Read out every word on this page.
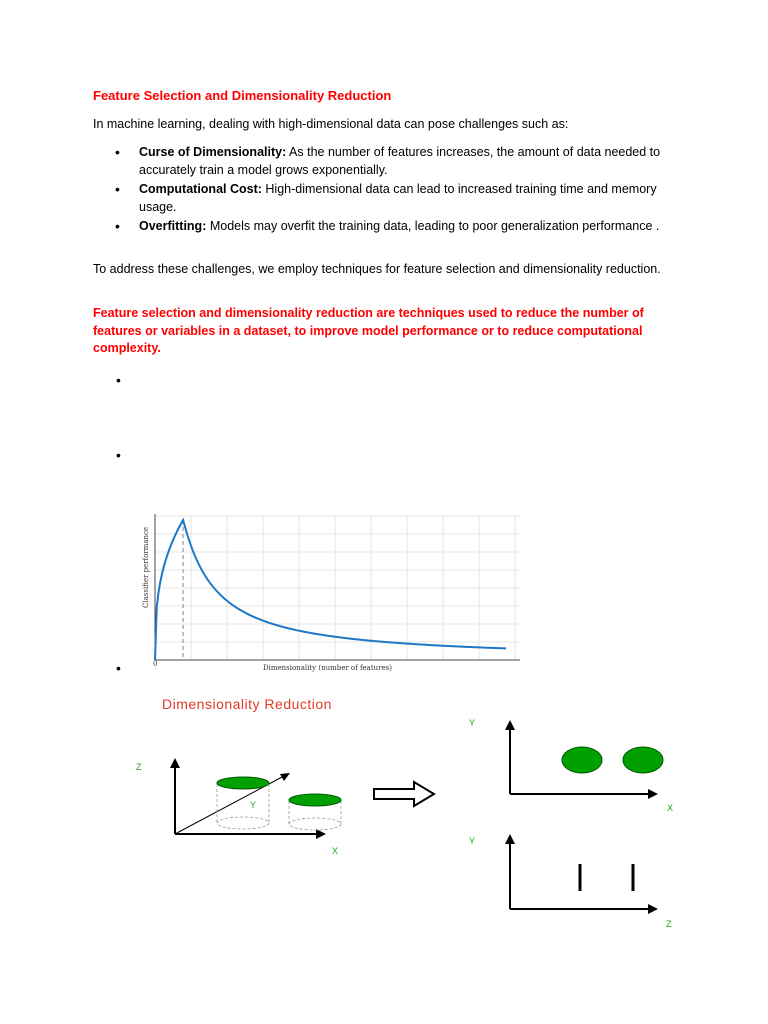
Feature Selection and Dimensionality Reduction

In machine learning, dealing with high-dimensional data can pose challenges such as:

• Curse of Dimensionality: As the number of features increases, the amount of data needed to accurately train a model grows exponentially.
• Computational Cost: High-dimensional data can lead to increased training time and memory usage.
• Overfitting: Models may overfit the training data, leading to poor generalization performance .

To address these challenges, we employ techniques for feature selection and dimensionality reduction.

Feature selection and dimensionality reduction are techniques used to reduce the number of features or variables in a dataset, to improve model performance or to reduce computational complexity.

•
•
•
Classifier performance
Dimensionality (number of features)
0
Dimensionality Reduction
Z
X
Y
Y
X
Y
Z
